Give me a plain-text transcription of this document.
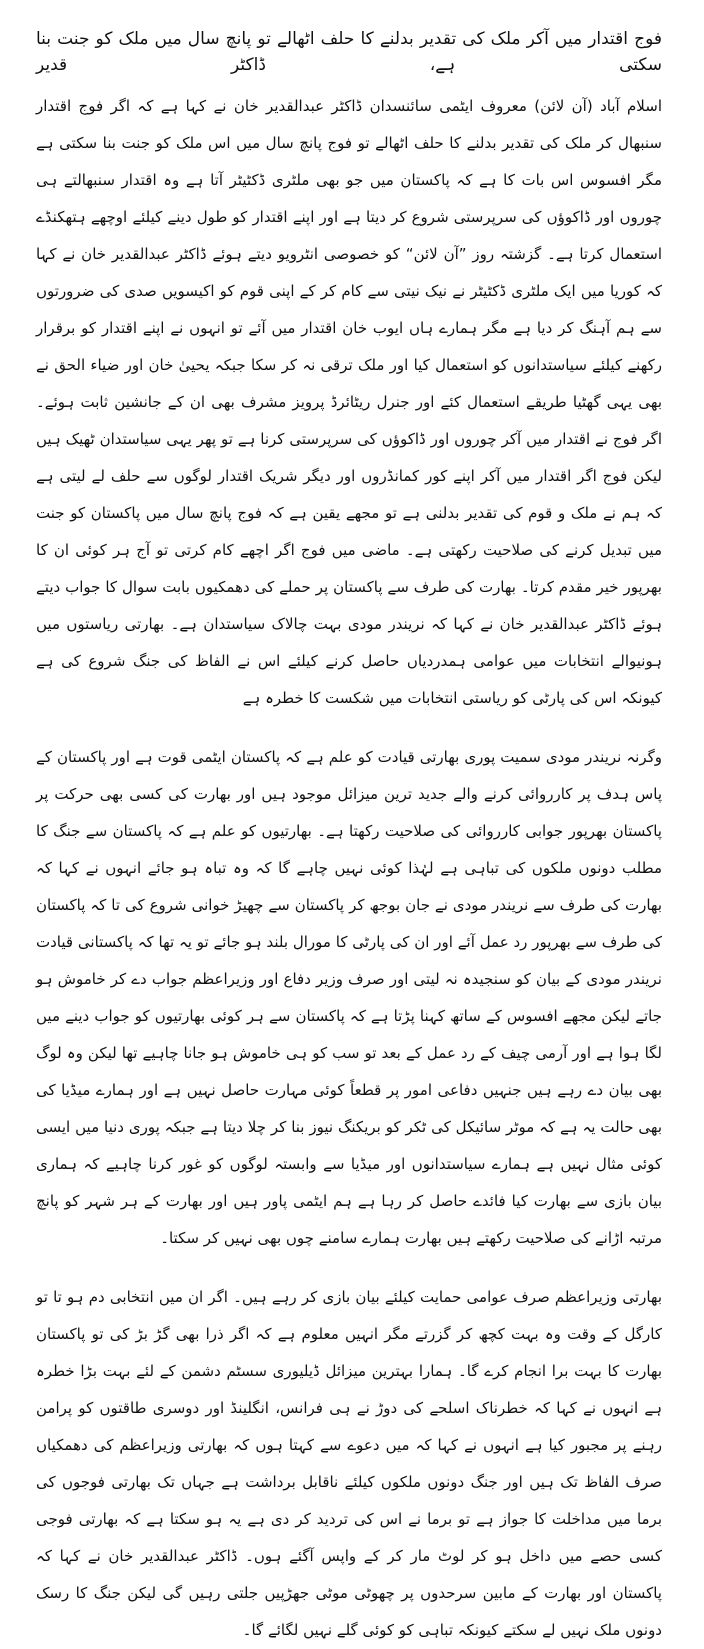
فوج اقتدار میں آکر ملک کی تقدیر بدلنے کا حلف اٹھالے تو پانچ سال میں ملک کو جنت بنا سکتی ہے، ڈاکٹر قدیر

اسلام آباد (آن لائن) معروف ایٹمی سائنسدان ڈاکٹر عبدالقدیر خان نے کہا ہے کہ اگر فوج اقتدار سنبھال کر ملک کی تقدیر بدلنے کا حلف اٹھالے تو فوج پانچ سال میں اس ملک کو جنت بنا سکتی ہے مگر افسوس اس بات کا ہے کہ پاکستان میں جو بھی ملٹری ڈکٹیٹر آتا ہے وہ اقتدار سنبھالتے ہی چوروں اور ڈاکوؤں کی سرپرستی شروع کر دیتا ہے اور اپنے اقتدار کو طول دینے کیلئے اوچھے ہتھکنڈے استعمال کرتا ہے۔ گزشتہ روز ”آن لائن“ کو خصوصی انٹرویو دیتے ہوئے ڈاکٹر عبدالقدیر خان نے کہا کہ کوریا میں ایک ملٹری ڈکٹیٹر نے نیک نیتی سے کام کر کے اپنی قوم کو اکیسویں صدی کی ضرورتوں سے ہم آہنگ کر دیا ہے مگر ہمارے ہاں ایوب خان اقتدار میں آئے تو انہوں نے اپنے اقتدار کو برقرار رکھنے کیلئے سیاستدانوں کو استعمال کیا اور ملک ترقی نہ کر سکا جبکہ یحییٰ خان اور ضیاء الحق نے بھی یہی گھٹیا طریقے استعمال کئے اور جنرل ریٹائرڈ پرویز مشرف بھی ان کے جانشین ثابت ہوئے۔ اگر فوج نے اقتدار میں آکر چوروں اور ڈاکوؤں کی سرپرستی کرنا ہے تو پھر یہی سیاستدان ٹھیک ہیں لیکن فوج اگر اقتدار میں آکر اپنے کور کمانڈروں اور دیگر شریک اقتدار لوگوں سے حلف لے لیتی ہے کہ ہم نے ملک و قوم کی تقدیر بدلنی ہے تو مجھے یقین ہے کہ فوج پانچ سال میں پاکستان کو جنت میں تبدیل کرنے کی صلاحیت رکھتی ہے۔ ماضی میں فوج اگر اچھے کام کرتی تو آج ہر کوئی ان کا بھرپور خیر مقدم کرتا۔ بھارت کی طرف سے پاکستان پر حملے کی دھمکیوں بابت سوال کا جواب دیتے ہوئے ڈاکٹر عبدالقدیر خان نے کہا کہ نریندر مودی بہت چالاک سیاستدان ہے۔ بھارتی ریاستوں میں ہونیوالے انتخابات میں عوامی ہمدردیاں حاصل کرنے کیلئے اس نے الفاظ کی جنگ شروع کی ہے کیونکہ اس کی پارٹی کو ریاستی انتخابات میں شکست کا خطرہ ہے

وگرنہ نریندر مودی سمیت پوری بھارتی قیادت کو علم ہے کہ پاکستان ایٹمی قوت ہے اور پاکستان کے پاس ہدف پر کارروائی کرنے والے جدید ترین میزائل موجود ہیں اور بھارت کی کسی بھی حرکت پر پاکستان بھرپور جوابی کارروائی کی صلاحیت رکھتا ہے۔ بھارتیوں کو علم ہے کہ پاکستان سے جنگ کا مطلب دونوں ملکوں کی تباہی ہے لہٰذا کوئی نہیں چاہے گا کہ وہ تباہ ہو جائے انہوں نے کہا کہ بھارت کی طرف سے نریندر مودی نے جان بوجھ کر پاکستان سے چھیڑ خوانی شروع کی تا کہ پاکستان کی طرف سے بھرپور رد عمل آئے اور ان کی پارٹی کا مورال بلند ہو جائے تو یہ تھا کہ پاکستانی قیادت نریندر مودی کے بیان کو سنجیدہ نہ لیتی اور صرف وزیر دفاع اور وزیراعظم جواب دے کر خاموش ہو جاتے لیکن مجھے افسوس کے ساتھ کہنا پڑتا ہے کہ پاکستان سے ہر کوئی بھارتیوں کو جواب دینے میں لگا ہوا ہے اور آرمی چیف کے رد عمل کے بعد تو سب کو ہی خاموش ہو جانا چاہیے تھا لیکن وہ لوگ بھی بیان دے رہے ہیں جنہیں دفاعی امور پر قطعاً کوئی مہارت حاصل نہیں ہے اور ہمارے میڈیا کی بھی حالت یہ ہے کہ موٹر سائیکل کی ٹکر کو بریکنگ نیوز بنا کر چلا دیتا ہے جبکہ پوری دنیا میں ایسی کوئی مثال نہیں ہے ہمارے سیاستدانوں اور میڈیا سے وابستہ لوگوں کو غور کرنا چاہیے کہ ہماری بیان بازی سے بھارت کیا فائدے حاصل کر رہا ہے ہم ایٹمی پاور ہیں اور بھارت کے ہر شہر کو پانچ مرتبہ اڑانے کی صلاحیت رکھتے ہیں بھارت ہمارے سامنے چوں بھی نہیں کر سکتا۔

بھارتی وزیراعظم صرف عوامی حمایت کیلئے بیان بازی کر رہے ہیں۔ اگر ان میں انتخابی دم ہو تا تو کارگل کے وقت وہ بہت کچھ کر گزرتے مگر انہیں معلوم ہے کہ اگر ذرا بھی گڑ بڑ کی تو پاکستان بھارت کا بہت برا انجام کرے گا۔ ہمارا بہترین میزائل ڈیلیوری سسٹم دشمن کے لئے بہت بڑا خطرہ ہے انہوں نے کہا کہ خطرناک اسلحے کی دوڑ نے ہی فرانس، انگلینڈ اور دوسری طاقتوں کو پرامن رہنے پر مجبور کیا ہے انہوں نے کہا کہ میں دعوے سے کہتا ہوں کہ بھارتی وزیراعظم کی دھمکیاں صرف الفاظ تک ہیں اور جنگ دونوں ملکوں کیلئے ناقابل برداشت ہے جہاں تک بھارتی فوجوں کی برما میں مداخلت کا جواز ہے تو برما نے اس کی تردید کر دی ہے یہ ہو سکتا ہے کہ بھارتی فوجی کسی حصے میں داخل ہو کر لوٹ مار کر کے واپس آگئے ہوں۔ ڈاکٹر عبدالقدیر خان نے کہا کہ پاکستان اور بھارت کے مابین سرحدوں پر چھوٹی موٹی جھڑپیں جلتی رہیں گی لیکن جنگ کا رسک دونوں ملک نہیں لے سکتے کیونکہ تباہی کو کوئی گلے نہیں لگائے گا۔
